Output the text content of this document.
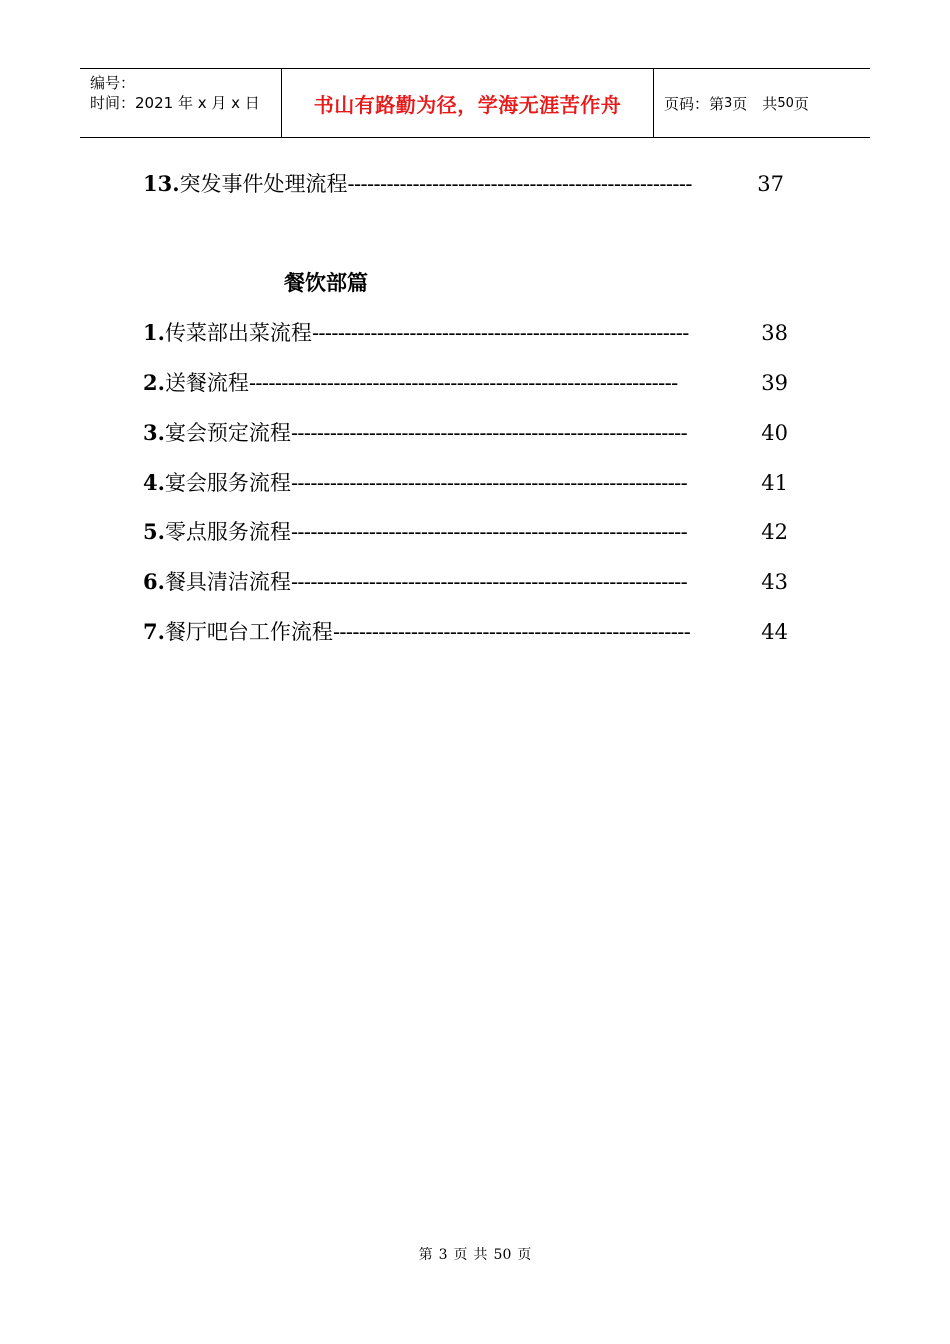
编号：
时间：2021 年 x 月 x 日	书山有路勤为径，学海无涯苦作舟	页码：第 3 页　共 50 页
13.突发事件处理流程-----------------------------------------------------	37
餐饮部篇
1.传菜部出菜流程----------------------------------------------------------	38
2.送餐流程------------------------------------------------------------------	39
3.宴会预定流程-------------------------------------------------------------	40
4.宴会服务流程-------------------------------------------------------------	41
5.零点服务流程-------------------------------------------------------------	42
6.餐具清洁流程-------------------------------------------------------------	43
7.餐厅吧台工作流程-------------------------------------------------------	44
第 3 页 共 50 页
